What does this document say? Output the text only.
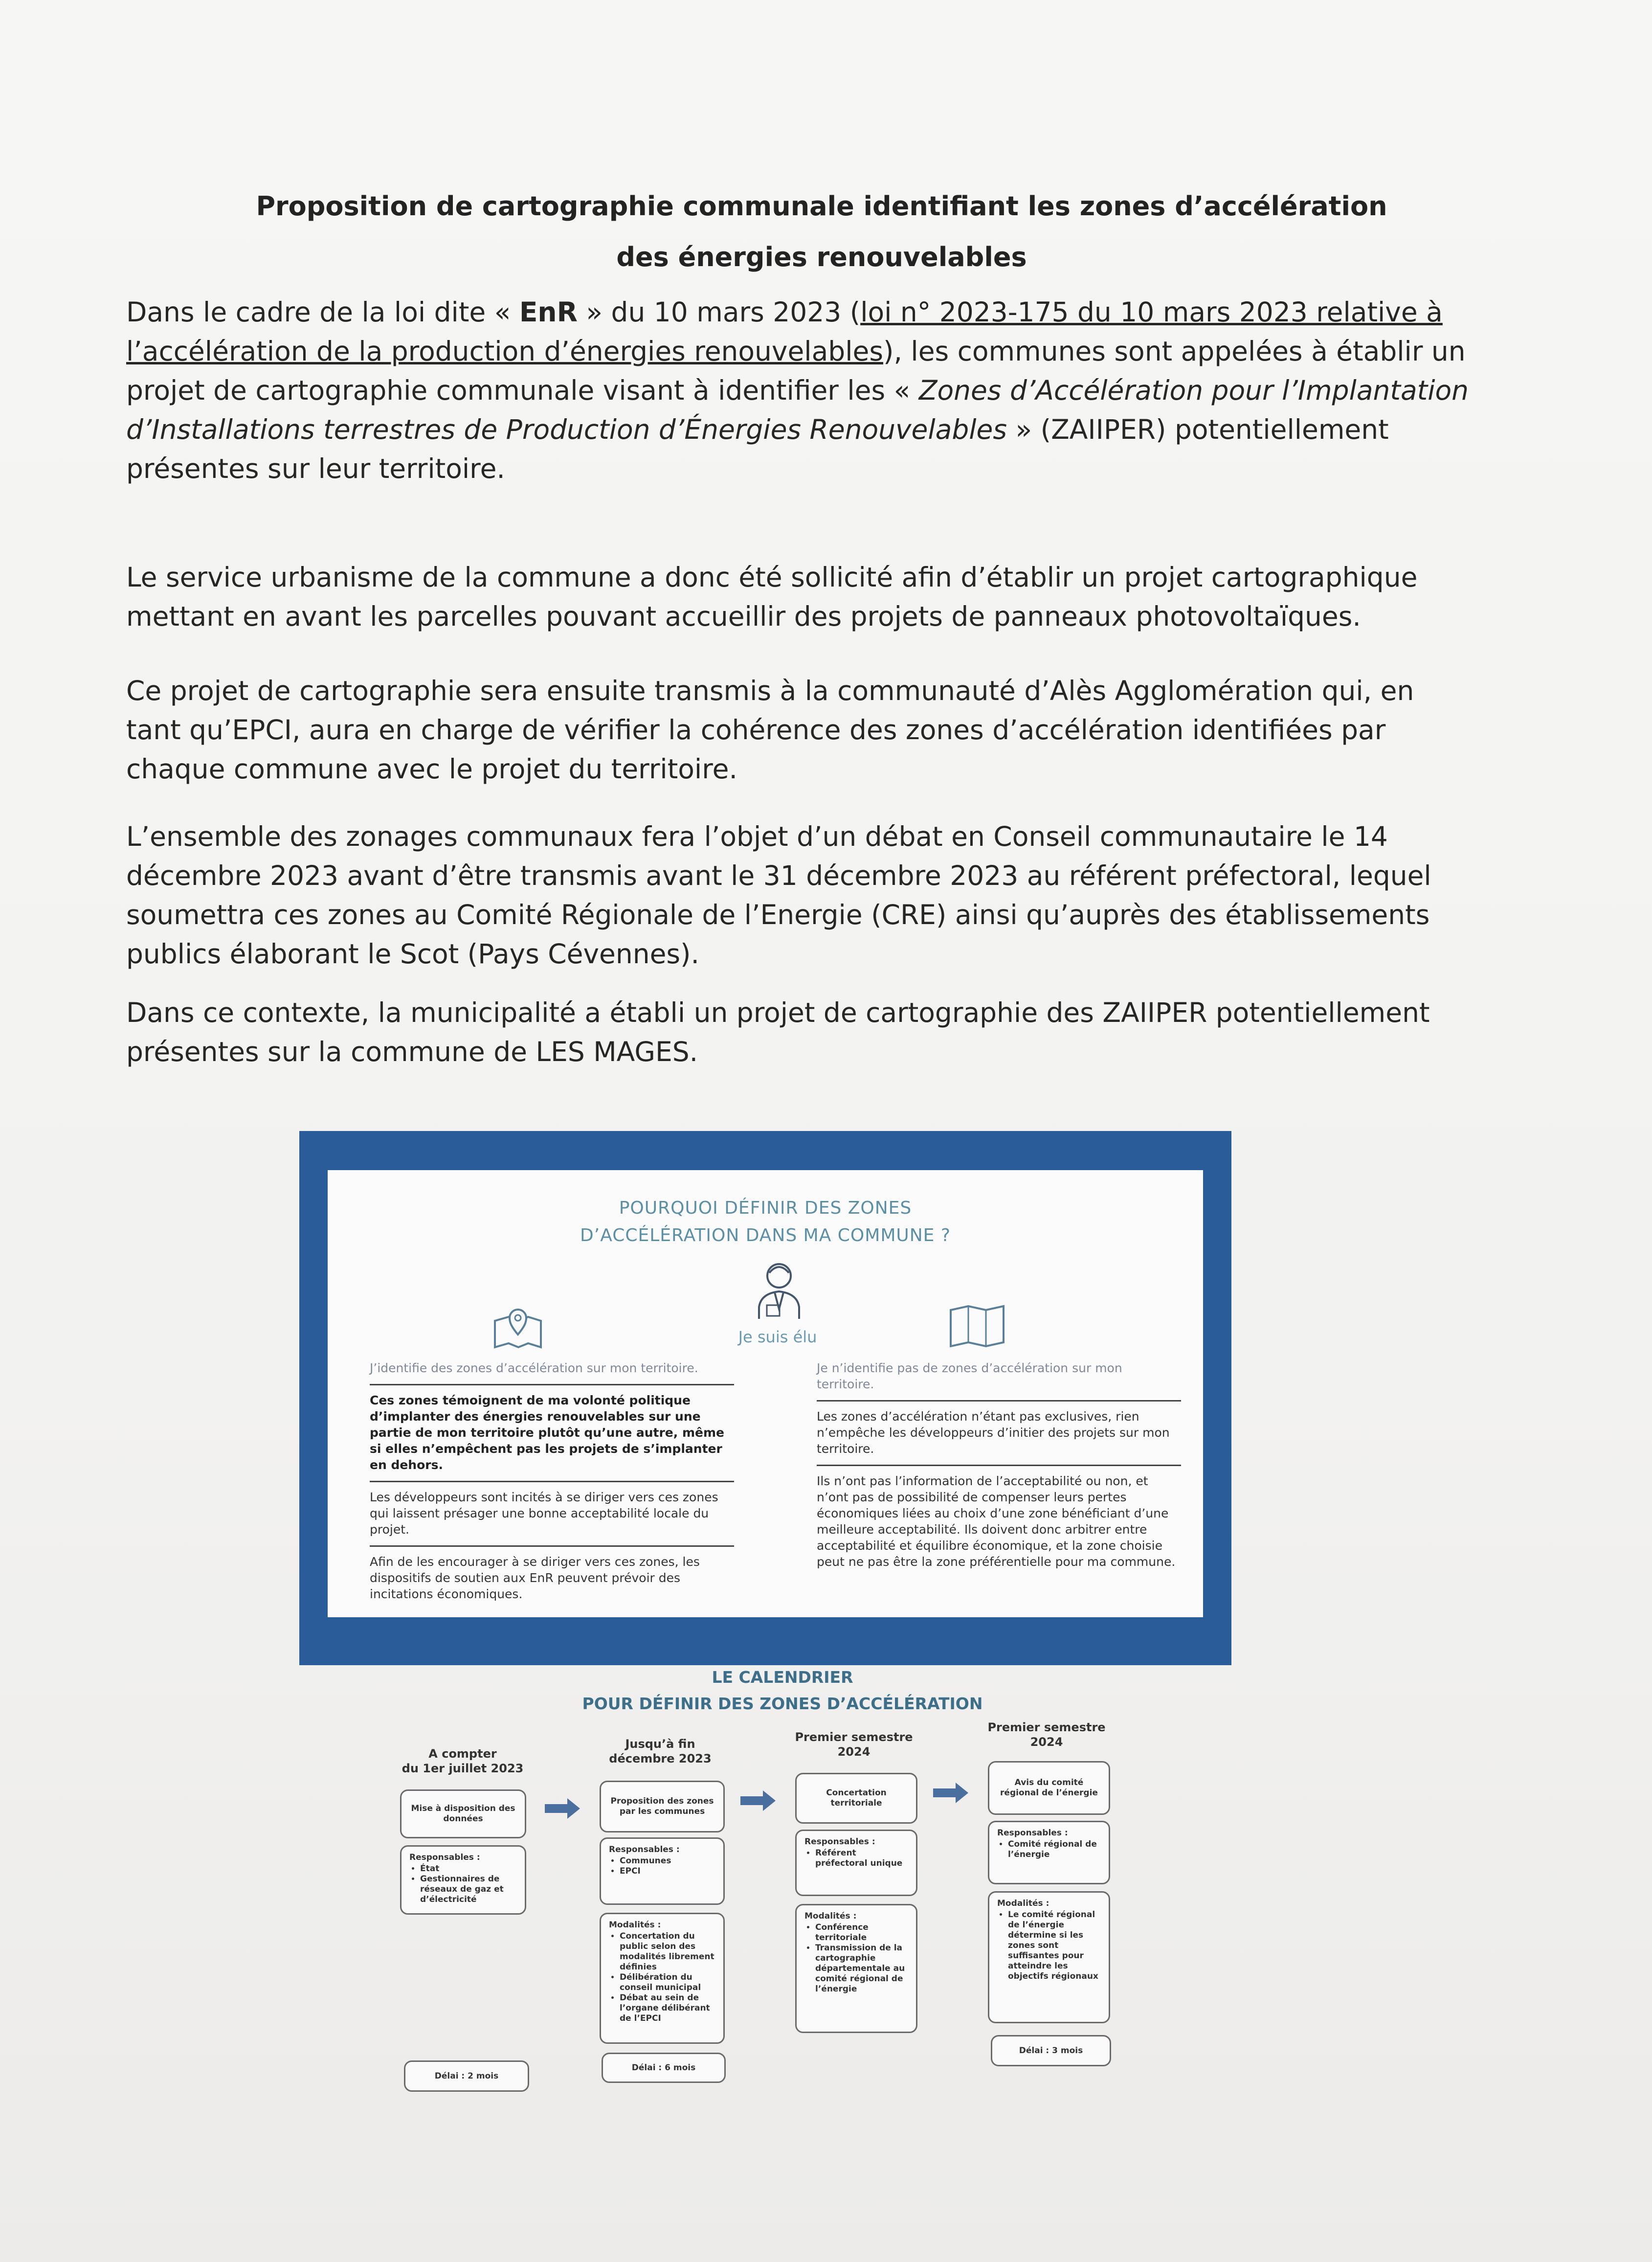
Proposition de cartographie communale identifiant les zones d’accélération
des énergies renouvelables
Dans le cadre de la loi dite « EnR » du 10 mars 2023 (loi n° 2023-175 du 10 mars 2023 relative à l’accélération de la production d’énergies renouvelables), les communes sont appelées à établir un projet de cartographie communale visant à identifier les « Zones d’Accélération pour l’Implantation d’Installations terrestres de Production d’Énergies Renouvelables » (ZAIIPER) potentiellement présentes sur leur territoire.
Le service urbanisme de la commune a donc été sollicité afin d’établir un projet cartographique mettant en avant les parcelles pouvant accueillir des projets de panneaux photovoltaïques.
Ce projet de cartographie sera ensuite transmis à la communauté d’Alès Agglomération qui, en tant qu’EPCI, aura en charge de vérifier la cohérence des zones d’accélération identifiées par chaque commune avec le projet du territoire.
L’ensemble des zonages communaux fera l’objet d’un débat en Conseil communautaire le 14 décembre 2023 avant d’être transmis avant le 31 décembre 2023 au référent préfectoral, lequel soumettra ces zones au Comité Régionale de l’Energie (CRE) ainsi qu’auprès des établissements publics élaborant le Scot (Pays Cévennes).
Dans ce contexte, la municipalité a établi un projet de cartographie des ZAIIPER potentiellement présentes sur la commune de LES MAGES.
POURQUOI DÉFINIR DES ZONES
D’ACCÉLÉRATION DANS MA COMMUNE ?
Je suis élu
J’identifie des zones d’accélération sur mon territoire.
Ces zones témoignent de ma volonté politique d’implanter des énergies renouvelables sur une partie de mon territoire plutôt qu’une autre, même si elles n’empêchent pas les projets de s’implanter en dehors.
Les développeurs sont incités à se diriger vers ces zones qui laissent présager une bonne acceptabilité locale du projet.
Afin de les encourager à se diriger vers ces zones, les dispositifs de soutien aux EnR peuvent prévoir des incitations économiques.
Je n’identifie pas de zones d’accélération sur mon territoire.
Les zones d’accélération n’étant pas exclusives, rien n’empêche les développeurs d’initier des projets sur mon territoire.
Ils n’ont pas l’information de l’acceptabilité ou non, et n’ont pas de possibilité de compenser leurs pertes économiques liées au choix d’une zone bénéficiant d’une meilleure acceptabilité. Ils doivent donc arbitrer entre acceptabilité et équilibre économique, et la zone choisie peut ne pas être la zone préférentielle pour ma commune.
LE CALENDRIER
POUR DÉFINIR DES ZONES D’ACCÉLÉRATION
A compter
du 1er juillet 2023
Mise à disposition des données
Responsables :
• État
• Gestionnaires de réseaux de gaz et d’électricité
Délai : 2 mois
Jusqu’à fin
décembre 2023
Proposition des zones par les communes
Responsables :
• Communes
• EPCI
Modalités :
• Concertation du public selon des modalités librement définies
• Délibération du conseil municipal
• Débat au sein de l’organe délibérant de l’EPCI
Délai : 6 mois
Premier semestre
2024
Concertation territoriale
Responsables :
• Référent préfectoral unique
Modalités :
• Conférence territoriale
• Transmission de la cartographie départementale au comité régional de l’énergie
Premier semestre
2024
Avis du comité régional de l’énergie
Responsables :
• Comité régional de l’énergie
Modalités :
• Le comité régional de l’énergie détermine si les zones sont suffisantes pour atteindre les objectifs régionaux
Délai : 3 mois
